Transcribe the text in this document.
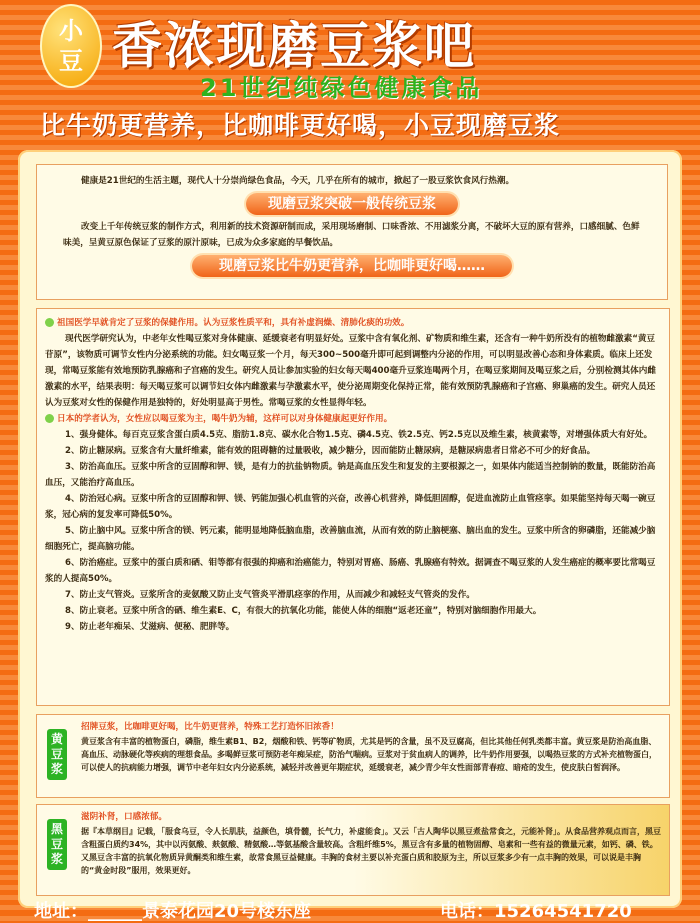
小
豆 香浓现磨豆浆吧
21世纪纯绿色健康食品
比牛奶更营养，比咖啡更好喝，小豆现磨豆浆

健康是21世纪的生活主题，现代人十分崇尚绿色食品，今天，几乎在所有的城市，掀起了一股豆浆饮食风行热潮。

现磨豆浆突破一般传统豆浆

改变上千年传统豆浆的制作方式，利用新的技术资源研制而成，采用现场磨制、口味香浓、不用滤浆分离，不破坏大豆的原有营养，口感细腻、色鲜味美，呈黄豆原色保证了豆浆的原汁原味，已成为众多家庭的早餐饮品。

现磨豆浆比牛奶更营养，比咖啡更好喝……
祖国医学早就肯定了豆浆的保健作用。认为豆浆性质平和，具有补虚润燥、清肺化痰的功效。

现代医学研究认为，中老年女性喝豆浆对身体健康、延缓衰老有明显好处。豆浆中含有氧化剂、矿物质和维生素，还含有一种牛奶所没有的植物雌激素“黄豆苷原”，该物质可调节女性内分泌系统的功能。妇女喝豆浆一个月，每天300~500毫升即可起到调整内分泌的作用，可以明显改善心态和身体素质。临床上还发现，常喝豆浆能有效地预防乳腺癌和子宫癌的发生。研究人员让参加实验的妇女每天喝400毫升豆浆连喝两个月，在喝豆浆期间及喝豆浆之后，分别检测其体内雌激素的水平，结果表明：每天喝豆浆可以调节妇女体内雌激素与孕激素水平，使分泌周期变化保持正常，能有效预防乳腺癌和子宫癌、卵巢癌的发生。研究人员还认为豆浆对女性的保健作用是独特的，好处明显高于男性。常喝豆浆的女性显得年轻。

日本的学者认为，女性应以喝豆浆为主，喝牛奶为辅，这样可以对身体健康起更好作用。

1、强身健体。每百克豆浆含蛋白质4.5克、脂肪1.8克、碳水化合物1.5克、磷4.5克、铁2.5克、钙2.5克以及维生素，核黄素等，对增强体质大有好处。

2、防止糖尿病。豆浆含有大量纤维素，能有效的阻碍糖的过量吸收，减少糖分，因而能防止糖尿病，是糖尿病患者日常必不可少的好食品。

3、防治高血压。豆浆中所含的豆固醇和钾、镁，是有力的抗盐钠物质。钠是高血压发生和复发的主要根源之一，如果体内能适当控制钠的数量，既能防治高血压，又能治疗高血压。

4、防治冠心病。豆浆中所含的豆固醇和钾、镁、钙能加强心机血管的兴奋，改善心机营养，降低胆固醇，促进血流防止血管痉挛。如果能坚持每天喝一碗豆浆，冠心病的复发率可降低50%。

5、防止脑中风。豆浆中所含的镁、钙元素，能明显地降低脑血脂，改善脑血流，从而有效的防止脑梗塞、脑出血的发生。豆浆中所含的卵磷脂，还能减少脑细胞死亡，提高脑功能。

6、防治癌症。豆浆中的蛋白质和硒、钼等都有很强的抑癌和治癌能力，特别对胃癌、肠癌、乳腺癌有特效。据调查不喝豆浆的人发生癌症的概率要比常喝豆浆的人提高50%。

7、防止支气管炎。豆浆所含的麦氨酸又防止支气管炎平滑肌痉挛的作用，从而减少和减轻支气管炎的发作。

8、防止衰老。豆浆中所含的硒、维生素E、C，有很大的抗氧化功能，能使人体的细胞“返老还童”，特别对脑细胞作用最大。

9、防止老年痴呆、艾滋病、便秘、肥胖等。

黄豆浆
招牌豆浆，比咖啡更好喝，比牛奶更营养，特殊工艺打造怀旧浓香！

黄豆浆含有丰富的植物蛋白，磷脂，维生素B1、B2，烟酸和铁、钙等矿物质，尤其是钙的含量，虽不及豆腐高，但比其他任何乳类都丰富。黄豆浆是防治高血脂、高血压、动脉硬化等疾病的理想食品。多喝鲜豆浆可预防老年痴呆症，防治气喘病。豆浆对于贫血病人的调养，比牛奶作用要强，以喝热豆浆的方式补充植物蛋白，可以使人的抗病能力增强，调节中老年妇女内分泌系统，减轻并改善更年期症状，延缓衰老，减少青少年女性面部青春痘、暗疮的发生，使皮肤白皙润泽。

黑豆浆
滋阴补肾，口感浓郁。

据『本草纲目』记载，「服食乌豆，令人长肌肤，益颜色，填骨髓，长气力，补虚能食」。又云「古人陶华以黑豆煮盐常食之，元能补肾」。从食品营养观点而言，黑豆含粗蛋白质约34%，其中以丙氨酸、麸氨酸、精氨酸…等氨基酸含量较高。含粗纤维5%，黑豆含有多量的植物固醇、皂素和一些有益的微量元素，如钙、磷、铁。又黑豆含丰富的抗氧化物质异黄酮类和维生素，故常食黑豆益健康。丰胸的食材主要以补充蛋白质和胶原为主，所以豆浆多少有一点丰胸的效果，可以说是丰胸的“黄金时段”服用，效果更好。

地址：______景泰花园20号楼东座	电话：15264541720
